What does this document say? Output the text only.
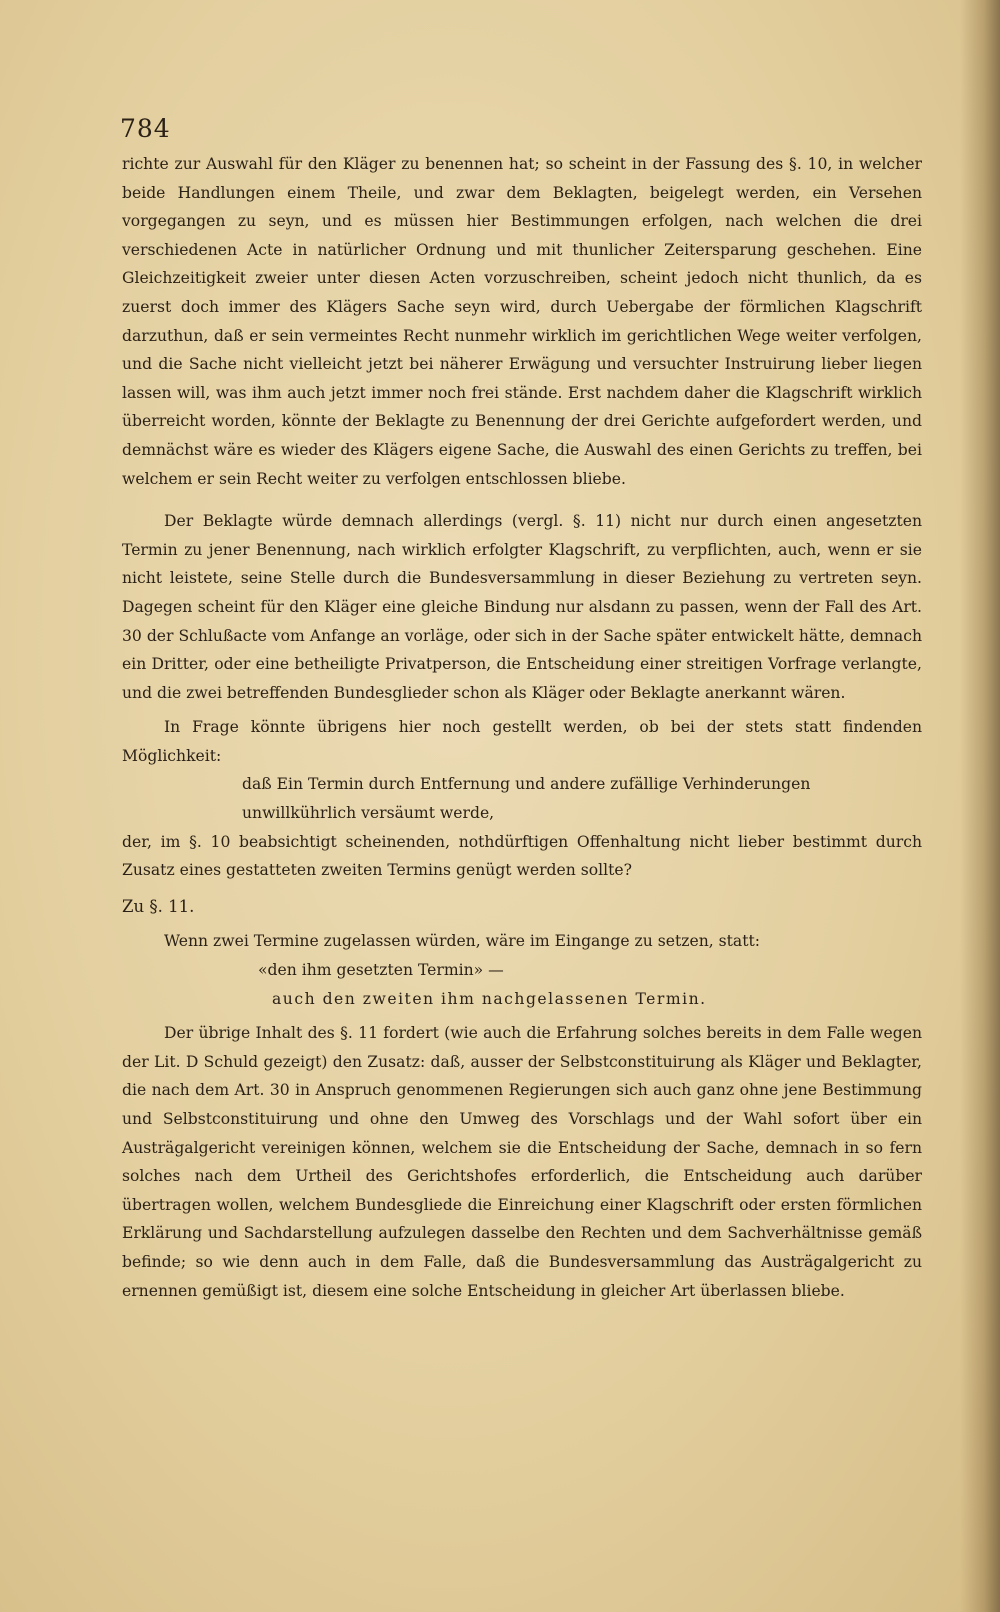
784

richte zur Auswahl für den Kläger zu benennen hat; so scheint in der Fassung des §. 10, in welcher beide Handlungen einem Theile, und zwar dem Beklagten, beigelegt werden, ein Versehen vorgegangen zu seyn, und es müssen hier Bestimmungen erfolgen, nach welchen die drei verschiedenen Acte in natürlicher Ordnung und mit thunlicher Zeitersparung geschehen. Eine Gleichzeitigkeit zweier unter diesen Acten vorzuschreiben, scheint jedoch nicht thunlich, da es zuerst doch immer des Klägers Sache seyn wird, durch Uebergabe der förmlichen Klagschrift darzuthun, daß er sein vermeintes Recht nunmehr wirklich im gerichtlichen Wege weiter verfolgen, und die Sache nicht vielleicht jetzt bei näherer Erwägung und versuchter Instruirung lieber liegen lassen will, was ihm auch jetzt immer noch frei stände. Erst nachdem daher die Klagschrift wirklich überreicht worden, könnte der Beklagte zu Benennung der drei Gerichte aufgefordert werden, und demnächst wäre es wieder des Klägers eigene Sache, die Auswahl des einen Gerichts zu treffen, bei welchem er sein Recht weiter zu verfolgen entschlossen bliebe.

Der Beklagte würde demnach allerdings (vergl. §. 11) nicht nur durch einen angesetzten Termin zu jener Benennung, nach wirklich erfolgter Klagschrift, zu verpflichten, auch, wenn er sie nicht leistete, seine Stelle durch die Bundesversammlung in dieser Beziehung zu vertreten seyn. Dagegen scheint für den Kläger eine gleiche Bindung nur alsdann zu passen, wenn der Fall des Art. 30 der Schlußacte vom Anfange an vorläge, oder sich in der Sache später entwickelt hätte, demnach ein Dritter, oder eine betheiligte Privatperson, die Entscheidung einer streitigen Vorfrage verlangte, und die zwei betreffenden Bundesglieder schon als Kläger oder Beklagte anerkannt wären.

In Frage könnte übrigens hier noch gestellt werden, ob bei der stets statt findenden Möglichkeit:

daß Ein Termin durch Entfernung und andere zufällige Verhinderungen unwillkührlich versäumt werde,

der, im §. 10 beabsichtigt scheinenden, nothdürftigen Offenhaltung nicht lieber bestimmt durch Zusatz eines gestatteten zweiten Termins genügt werden sollte?

Zu §. 11.

Wenn zwei Termine zugelassen würden, wäre im Eingange zu setzen, statt:

«den ihm gesetzten Termin» —

auch den zweiten ihm nachgelassenen Termin.

Der übrige Inhalt des §. 11 fordert (wie auch die Erfahrung solches bereits in dem Falle wegen der Lit. D Schuld gezeigt) den Zusatz: daß, ausser der Selbstconstituirung als Kläger und Beklagter, die nach dem Art. 30 in Anspruch genommenen Regierungen sich auch ganz ohne jene Bestimmung und Selbstconstituirung und ohne den Umweg des Vorschlags und der Wahl sofort über ein Austrägalgericht vereinigen können, welchem sie die Entscheidung der Sache, demnach in so fern solches nach dem Urtheil des Gerichtshofes erforderlich, die Entscheidung auch darüber übertragen wollen, welchem Bundesgliede die Einreichung einer Klagschrift oder ersten förmlichen Erklärung und Sachdarstellung aufzulegen dasselbe den Rechten und dem Sachverhältnisse gemäß befinde; so wie denn auch in dem Falle, daß die Bundesversammlung das Austrägalgericht zu ernennen gemüßigt ist, diesem eine solche Entscheidung in gleicher Art überlassen bliebe.
